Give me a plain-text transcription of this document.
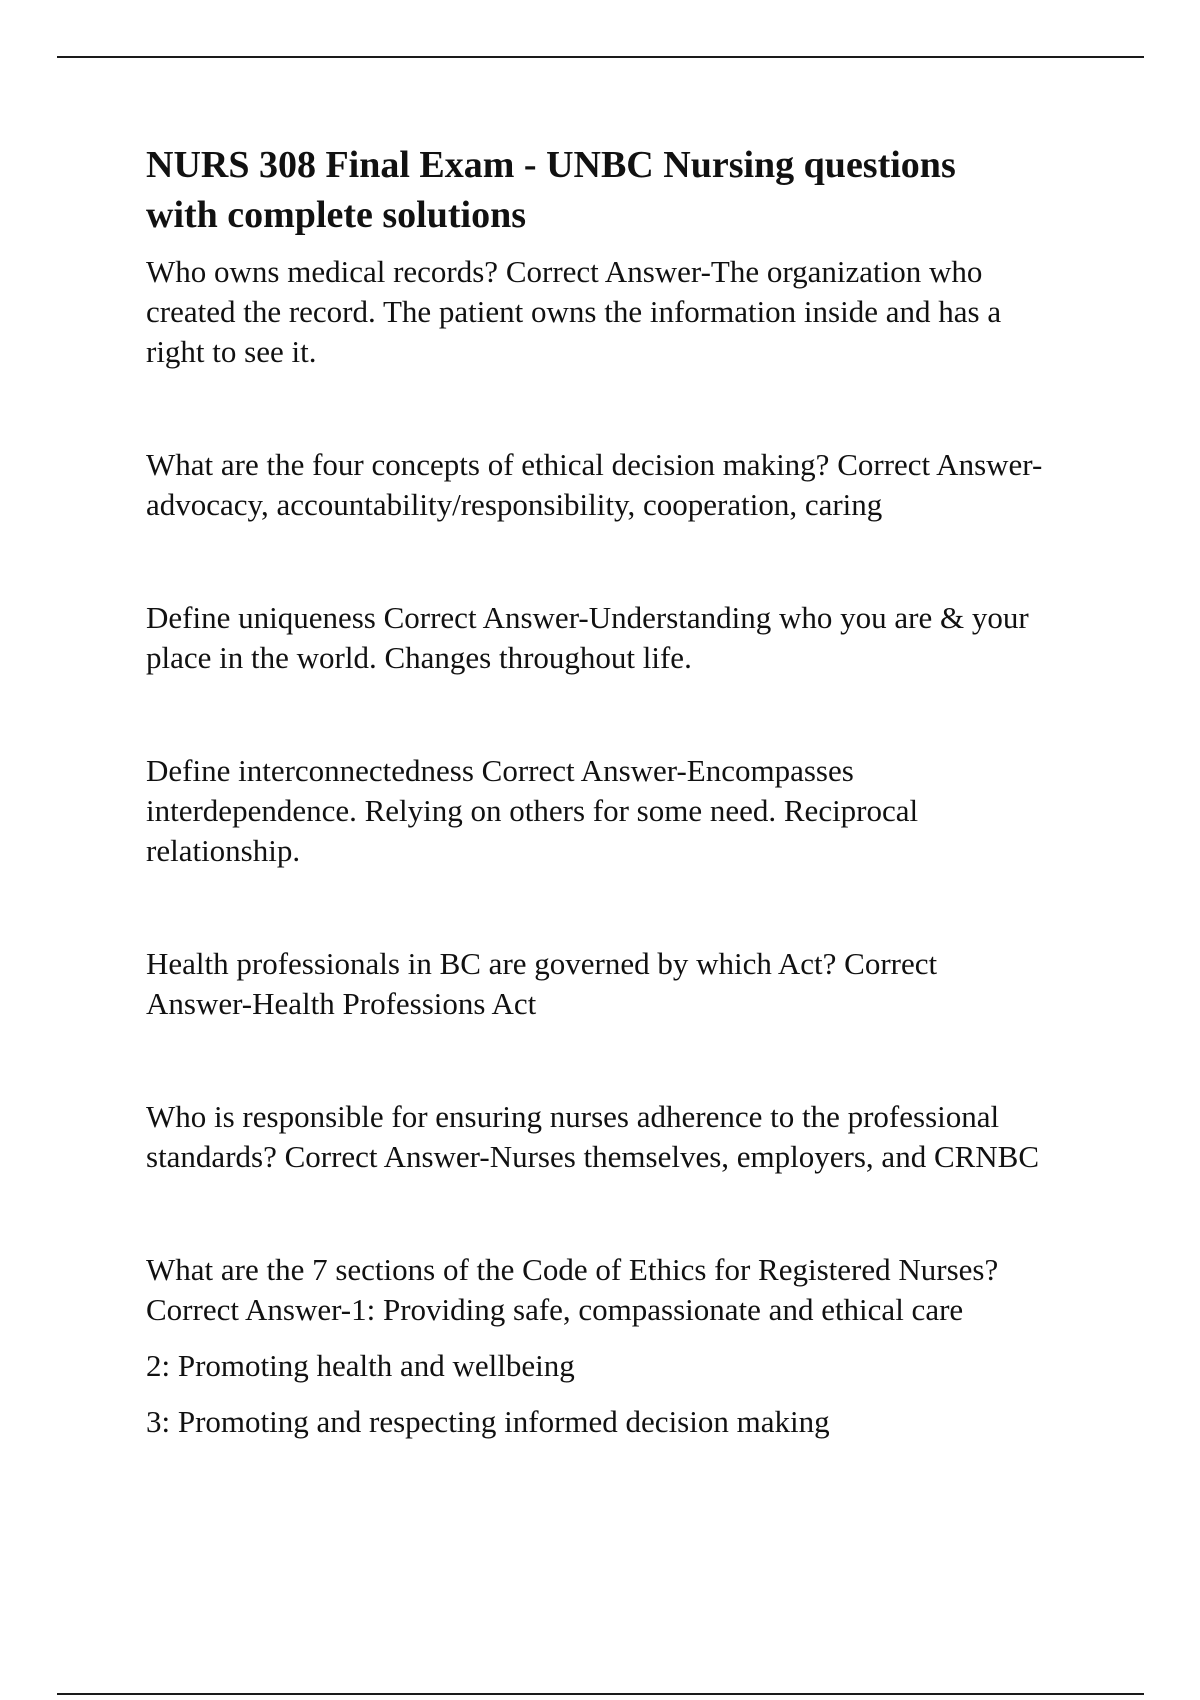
NURS 308 Final Exam - UNBC Nursing questions
with complete solutions
Who owns medical records? Correct Answer-The organization who
created the record. The patient owns the information inside and has a
right to see it.
What are the four concepts of ethical decision making? Correct Answer-
advocacy, accountability/responsibility, cooperation, caring
Define uniqueness Correct Answer-Understanding who you are & your
place in the world. Changes throughout life.
Define interconnectedness Correct Answer-Encompasses
interdependence. Relying on others for some need. Reciprocal
relationship.
Health professionals in BC are governed by which Act? Correct
Answer-Health Professions Act
Who is responsible for ensuring nurses adherence to the professional
standards? Correct Answer-Nurses themselves, employers, and CRNBC
What are the 7 sections of the Code of Ethics for Registered Nurses?
Correct Answer-1: Providing safe, compassionate and ethical care
2: Promoting health and wellbeing
3: Promoting and respecting informed decision making
